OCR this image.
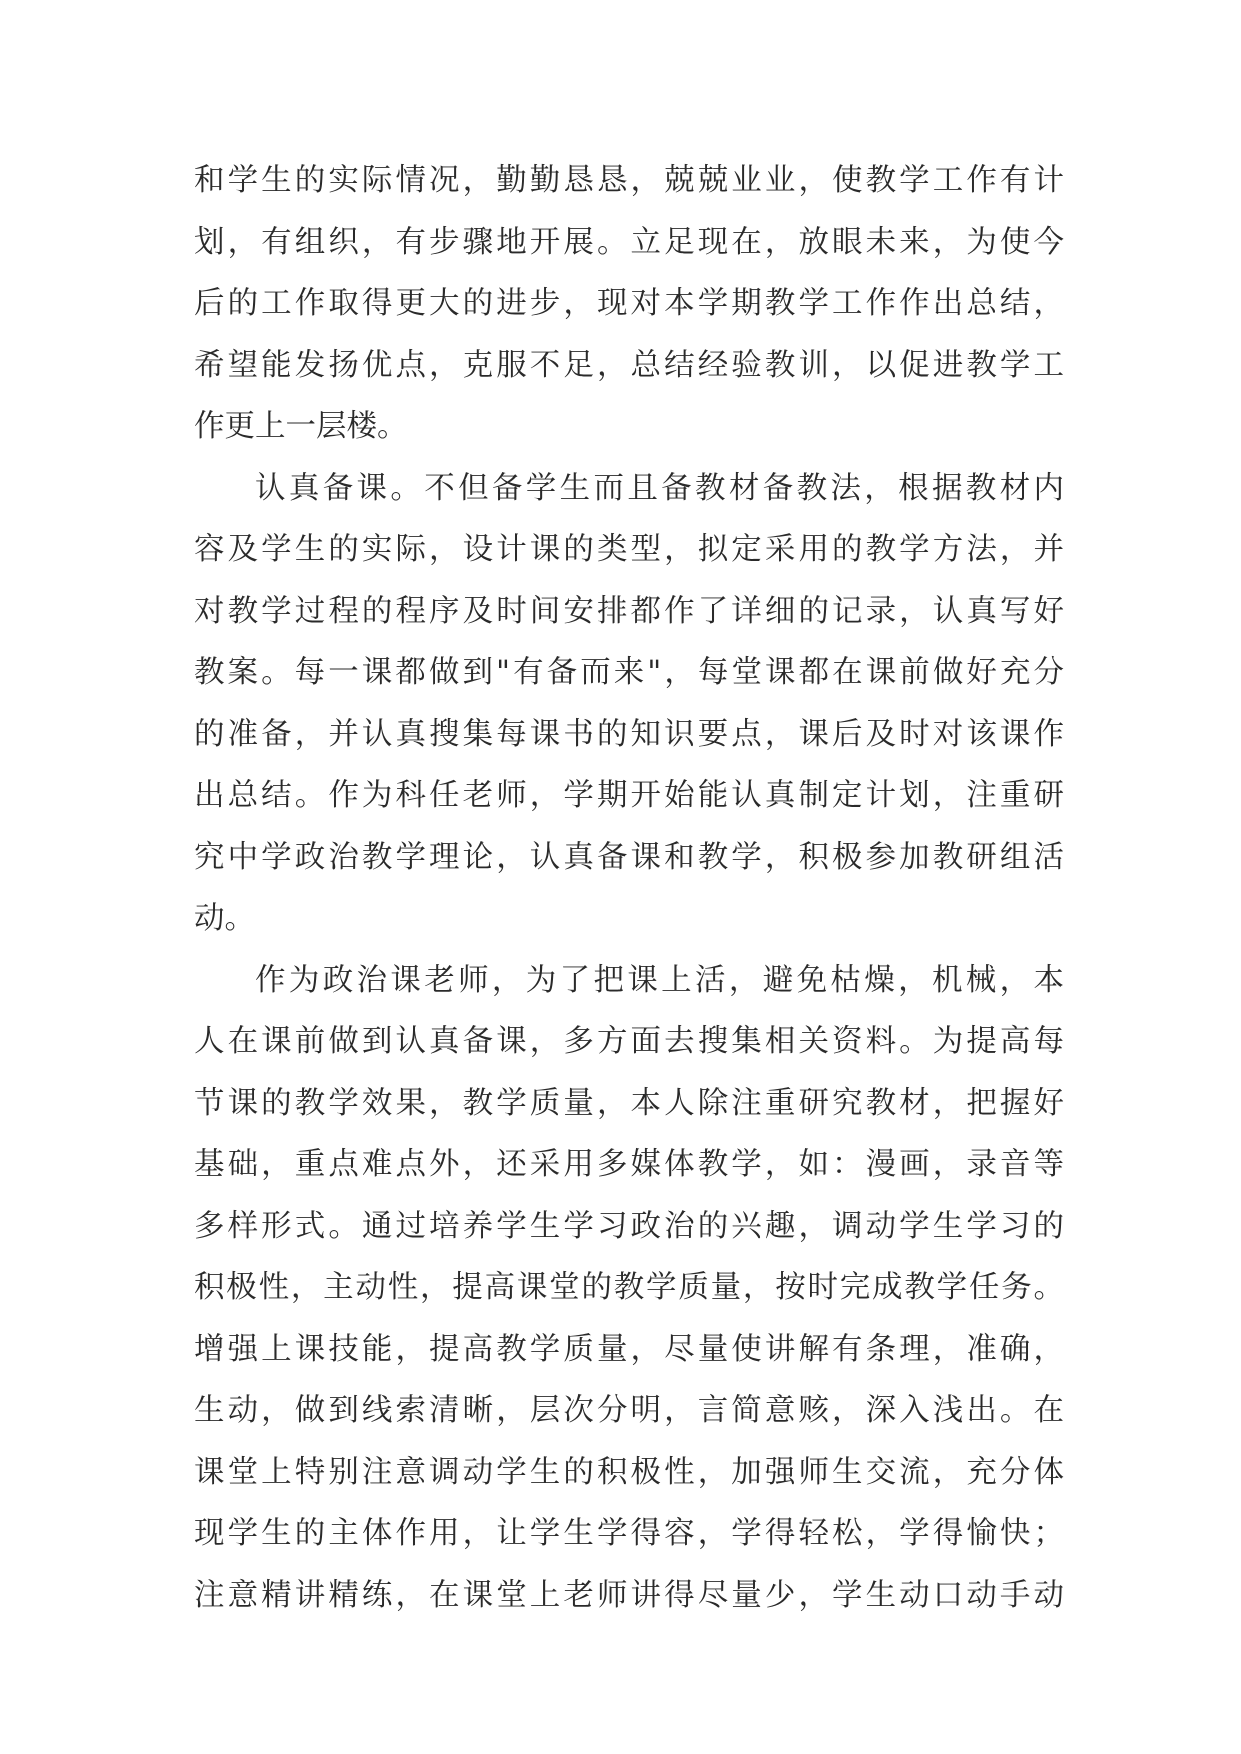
和学生的实际情况，勤勤恳恳，兢兢业业，使教学工作有计
划，有组织，有步骤地开展。立足现在，放眼未来，为使今
后的工作取得更大的进步，现对本学期教学工作作出总结，
希望能发扬优点，克服不足，总结经验教训，以促进教学工
作更上一层楼。
认真备课。不但备学生而且备教材备教法，根据教材内
容及学生的实际，设计课的类型，拟定采用的教学方法，并
对教学过程的程序及时间安排都作了详细的记录，认真写好
教案。每一课都做到"有备而来"，每堂课都在课前做好充分
的准备，并认真搜集每课书的知识要点，课后及时对该课作
出总结。作为科任老师，学期开始能认真制定计划，注重研
究中学政治教学理论，认真备课和教学，积极参加教研组活
动。
作为政治课老师，为了把课上活，避免枯燥，机械，本
人在课前做到认真备课，多方面去搜集相关资料。为提高每
节课的教学效果，教学质量，本人除注重研究教材，把握好
基础，重点难点外，还采用多媒体教学，如：漫画，录音等
多样形式。通过培养学生学习政治的兴趣，调动学生学习的
积极性，主动性，提高课堂的教学质量，按时完成教学任务。
增强上课技能，提高教学质量，尽量使讲解有条理，准确，
生动，做到线索清晰，层次分明，言简意赅，深入浅出。在
课堂上特别注意调动学生的积极性，加强师生交流，充分体
现学生的主体作用，让学生学得容，学得轻松，学得愉快；
注意精讲精练，在课堂上老师讲得尽量少，学生动口动手动
